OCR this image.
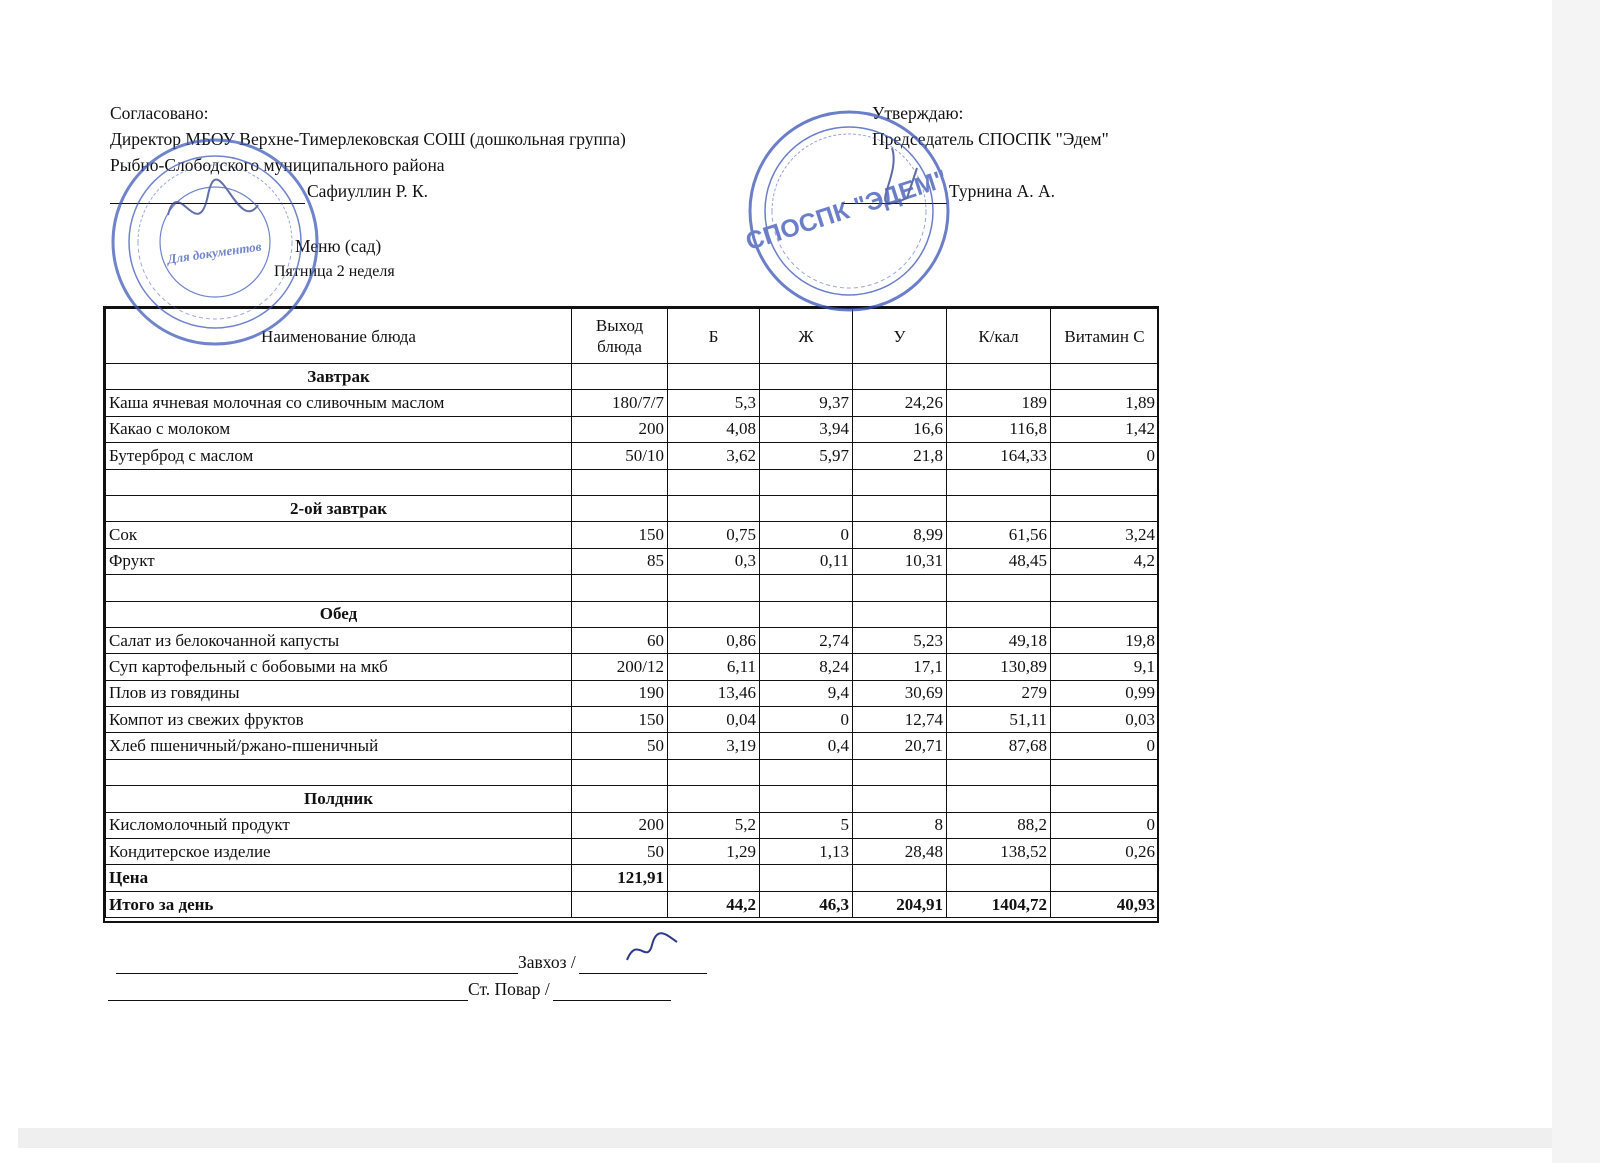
Согласовано:
Директор МБОУ Верхне-Тимерлековская СОШ (дошкольная группа)
Рыбно-Слободского муниципального района
Сафиуллин Р. К.
Утверждаю:
Председатель СПОСПК "Эдем"
Турнина А. А.
Меню (сад)
Пятница 2 неделя
Наименование блюда	Выход блюда	Б	Ж	У	К/кал	Витамин С
Завтрак						
Каша ячневая молочная со сливочным маслом	180/7/7	5,3	9,37	24,26	189	1,89
Какао с молоком	200	4,08	3,94	16,6	116,8	1,42
Бутерброд с маслом	50/10	3,62	5,97	21,8	164,33	0

2-ой завтрак						
Сок	150	0,75	0	8,99	61,56	3,24
Фрукт	85	0,3	0,11	10,31	48,45	4,2

Обед						
Салат из белокочанной капусты	60	0,86	2,74	5,23	49,18	19,8
Суп картофельный с бобовыми на мкб	200/12	6,11	8,24	17,1	130,89	9,1
Плов из говядины	190	13,46	9,4	30,69	279	0,99
Компот из свежих фруктов	150	0,04	0	12,74	51,11	0,03
Хлеб пшеничный/ржано-пшеничный	50	3,19	0,4	20,71	87,68	0

Полдник						
Кисломолочный продукт	200	5,2	5	8	88,2	0
Кондитерское изделие	50	1,29	1,13	28,48	138,52	0,26
Цена	121,91					
Итого за день		44,2	46,3	204,91	1404,72	40,93
Завхоз /
Ст. Повар /
Для документов	СПОСПК "ЭДЕМ"
